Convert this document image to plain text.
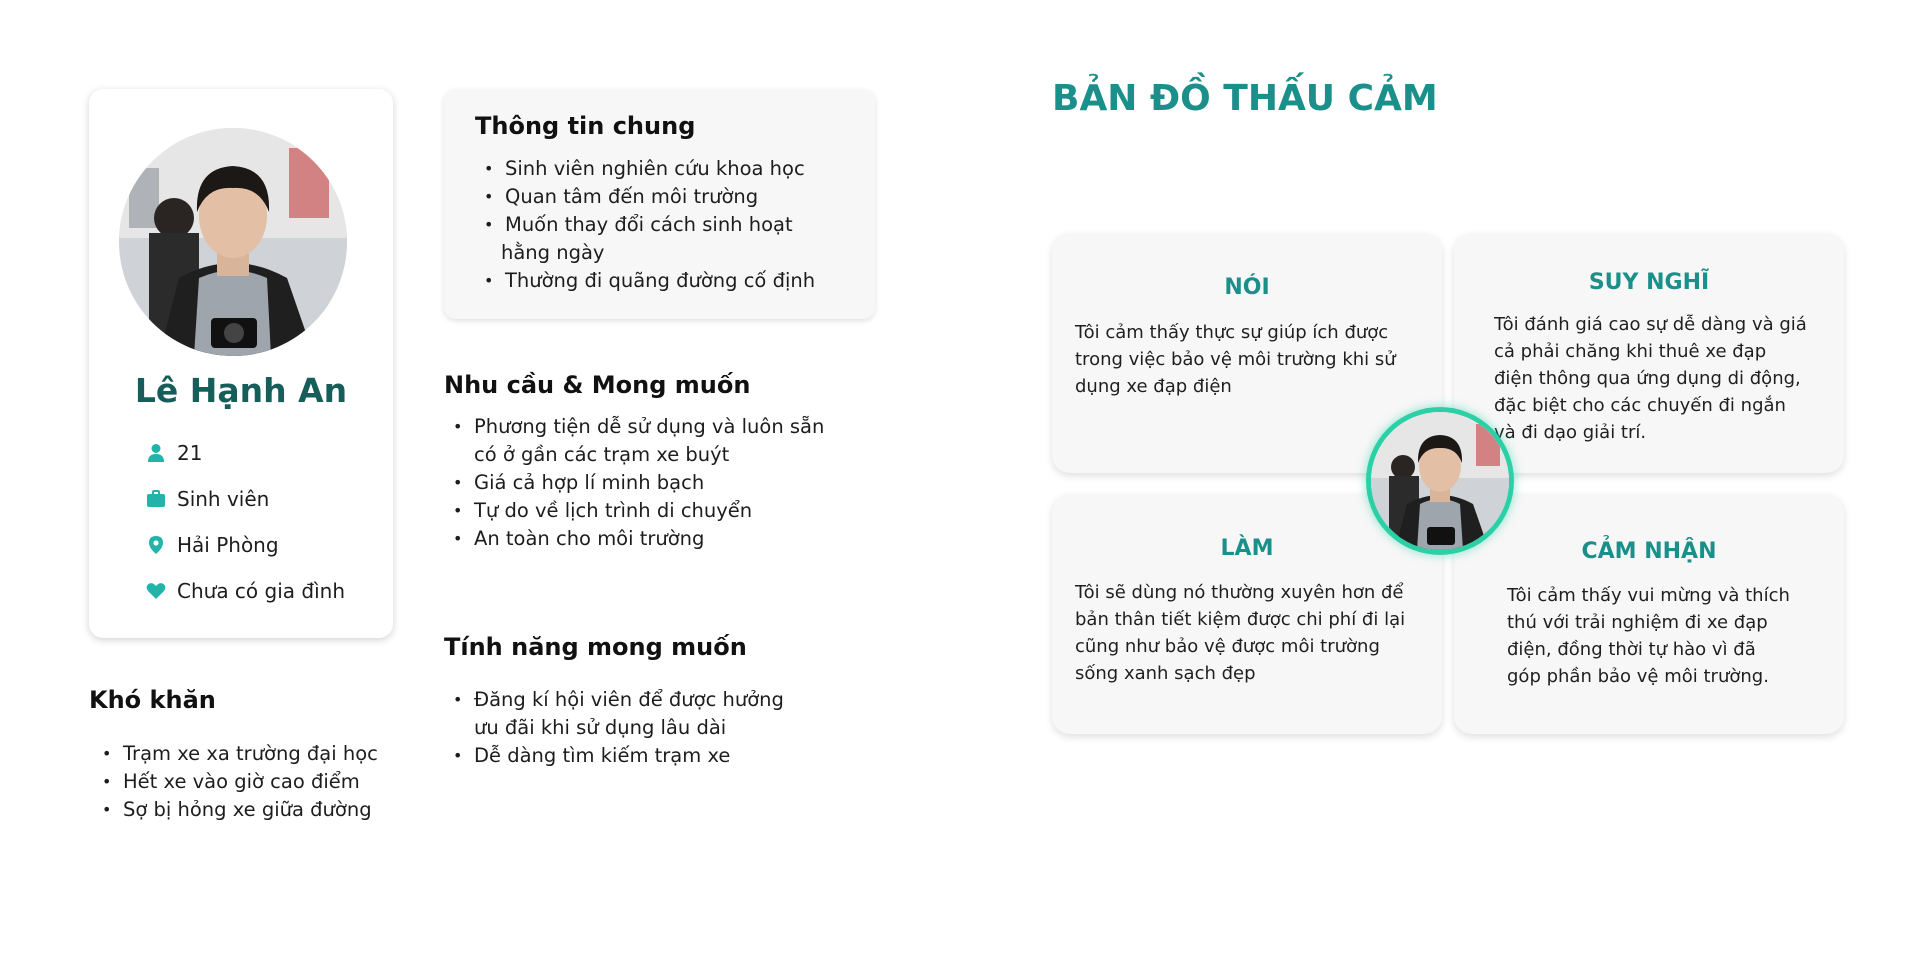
Lê Hạnh An
21
Sinh viên
Hải Phòng
Chưa có gia đình
Khó khăn
• Trạm xe xa trường đại học
• Hết xe vào giờ cao điểm
• Sợ bị hỏng xe giữa đường
Thông tin chung
• Sinh viên nghiên cứu khoa học
• Quan tâm đến môi trường
• Muốn thay đổi cách sinh hoạt
hằng ngày
• Thường đi quãng đường cố định
Nhu cầu & Mong muốn
• Phương tiện dễ sử dụng và luôn sẵn
có ở gần các trạm xe buýt
• Giá cả hợp lí minh bạch
• Tự do về lịch trình di chuyển
• An toàn cho môi trường
Tính năng mong muốn
• Đăng kí hội viên để được hưởng
ưu đãi khi sử dụng lâu dài
• Dễ dàng tìm kiếm trạm xe
BẢN ĐỒ THẤU CẢM
NÓI
Tôi cảm thấy thực sự giúp ích được
trong việc bảo vệ môi trường khi sử
dụng xe đạp điện
SUY NGHĨ
Tôi đánh giá cao sự dễ dàng và giá
cả phải chăng khi thuê xe đạp
điện thông qua ứng dụng di động,
đặc biệt cho các chuyến đi ngắn
và đi dạo giải trí.
LÀM
Tôi sẽ dùng nó thường xuyên hơn để
bản thân tiết kiệm được chi phí đi lại
cũng như bảo vệ được môi trường
sống xanh sạch đẹp
CẢM NHẬN
Tôi cảm thấy vui mừng và thích
thú với trải nghiệm đi xe đạp
điện, đồng thời tự hào vì đã
góp phần bảo vệ môi trường.
